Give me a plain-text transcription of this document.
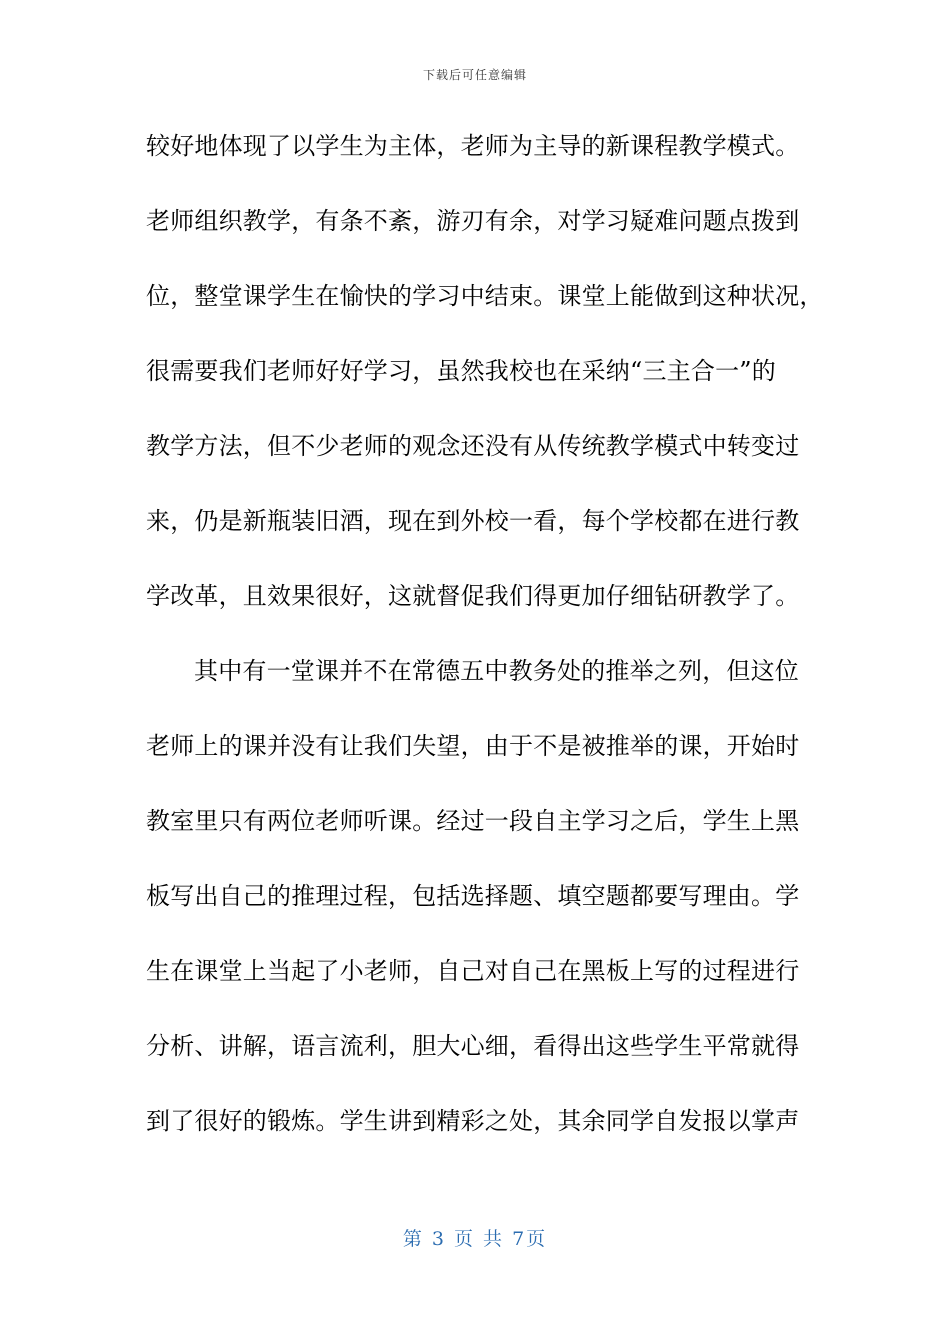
下载后可任意编辑
较好地体现了以学生为主体，老师为主导的新课程教学模式。
老师组织教学，有条不紊，游刃有余，对学习疑难问题点拨到
位，整堂课学生在愉快的学习中结束。课堂上能做到这种状况，
很需要我们老师好好学习，虽然我校也在采纳“三主合一”的
教学方法，但不少老师的观念还没有从传统教学模式中转变过
来，仍是新瓶装旧酒，现在到外校一看，每个学校都在进行教
学改革，且效果很好，这就督促我们得更加仔细钻研教学了。
其中有一堂课并不在常德五中教务处的推举之列，但这位
老师上的课并没有让我们失望，由于不是被推举的课，开始时
教室里只有两位老师听课。经过一段自主学习之后，学生上黑
板写出自己的推理过程，包括选择题、填空题都要写理由。学
生在课堂上当起了小老师，自己对自己在黑板上写的过程进行
分析、讲解，语言流利，胆大心细，看得出这些学生平常就得
到了很好的锻炼。学生讲到精彩之处，其余同学自发报以掌声
第 3 页 共 7页
